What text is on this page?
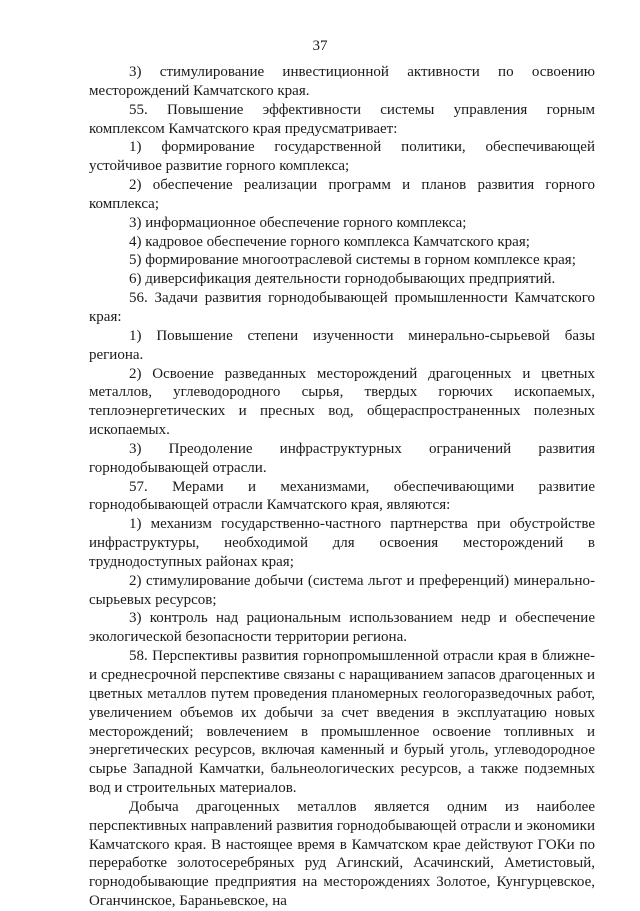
37

3) стимулирование инвестиционной активности по освоению месторождений Камчатского края.

55. Повышение эффективности системы управления горным комплексом Камчатского края предусматривает:

1) формирование государственной политики, обеспечивающей устойчивое развитие горного комплекса;

2) обеспечение реализации программ и планов развития горного комплекса;

3) информационное обеспечение горного комплекса;

4) кадровое обеспечение горного комплекса Камчатского края;

5) формирование многоотраслевой системы в горном комплексе края;

6) диверсификация деятельности горнодобывающих предприятий.

56. Задачи развития горнодобывающей промышленности Камчатского края:

1) Повышение степени изученности минерально-сырьевой базы региона.

2) Освоение разведанных месторождений драгоценных и цветных металлов, углеводородного сырья, твердых горючих ископаемых, теплоэнергетических и пресных вод, общераспространенных полезных ископаемых.

3) Преодоление инфраструктурных ограничений развития горнодобывающей отрасли.

57. Мерами и механизмами, обеспечивающими развитие горнодобывающей отрасли Камчатского края, являются:

1) механизм государственно-частного партнерства при обустройстве инфраструктуры, необходимой для освоения месторождений в труднодоступных районах края;

2) стимулирование добычи (система льгот и преференций) минерально-сырьевых ресурсов;

3) контроль над рациональным использованием недр и обеспечение экологической безопасности территории региона.

58. Перспективы развития горнопромышленной отрасли края в ближне- и среднесрочной перспективе связаны с наращиванием запасов драгоценных и цветных металлов путем проведения планомерных геологоразведочных работ, увеличением объемов их добычи за счет введения в эксплуатацию новых месторождений; вовлечением в промышленное освоение топливных и энергетических ресурсов, включая каменный и бурый уголь, углеводородное сырье Западной Камчатки, бальнеологических ресурсов, а также подземных вод и строительных материалов.

Добыча драгоценных металлов является одним из наиболее перспективных направлений развития горнодобывающей отрасли и экономики Камчатского края. В настоящее время в Камчатском крае действуют ГОКи по переработке золотосеребряных руд Агинский, Асачинский, Аметистовый, горнодобывающие предприятия на месторождениях Золотое, Кунгурцевское, Оганчинское, Бараньевское, на
